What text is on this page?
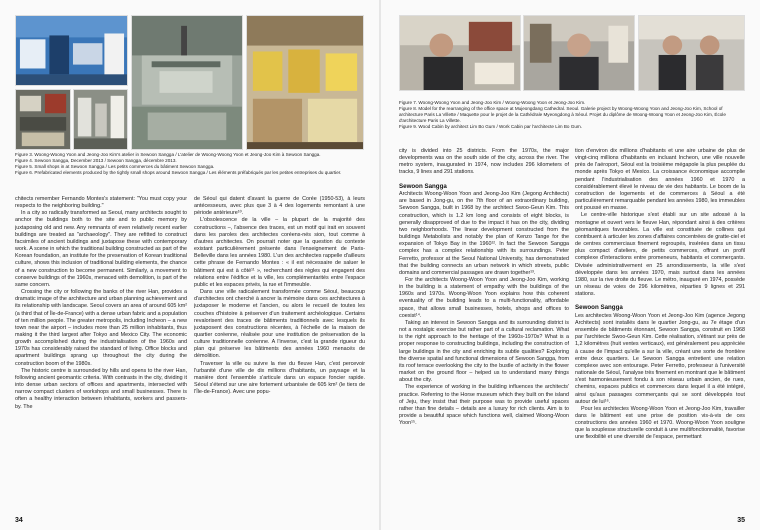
Figure 3. Woong-Woong Yoon and Jeong-Joo Kim's atelier in Sewoon Sangga / L'atelier de Woong-Woong Yoon et Jeong-Joo Kim à Sewoon Sangga.

Figure 4. Sewoon Sangga, December 2013 / Sewoon Sangga, décembre 2013.

Figure 5. Small shops in at Sewoon Sangga / Les petits commerces du bâtiment Sewoon Sangga.

Figure 6. Prefabricated elements produced by the tightly small shops around Sewoon Sangga / Les éléments préfabriqués par les petites entreprises du quartier.

chitects remember Fernando Montes's statement: "You must copy your respects to the neighboring building."

In a city so radically transformed as Seoul, many architects sought to anchor the buildings both to the site and to public memory by juxtaposing old and new. Any remnants of even relatively recent earlier buildings are treated as "archaeology". They are refitted to construct facsimiles of ancient buildings and juxtapose these with contemporary work. A scene in which the traditional building constructed as part of the Korean foundation, an institute for the preservation of Korean traditional culture, shows this inclusion of traditional building elements, the chance of a new construction to become permanent. Similarly, a movement to conserve buildings of the 1960s, menaced with demolition, is part of the same concern.

Crossing the city or following the banks of the river Han, provides a dramatic image of the architecture and urban planning achievement and its relationship with landscape. Seoul covers an area of around 605 km² (a third that of Île-de-France) with a dense urban fabric and a population of ten million people. The greater metropolis, including Incheon – a new town near the airport – includes more than 25 million inhabitants, thus making it the third largest after Tokyo and Mexico City. The economic growth accomplished during the industrialisation of the 1960s and 1970s has considerably raised the standard of living. Office blocks and apartment buildings sprang up throughout the city during the construction boom of the 1980s.

The historic centre is surrounded by hills and opens to the river Han, following ancient geomantic criteria. With contrasts in the city, dividing it into dense urban sectors of offices and apartments, intersected with narrow compact clusters of workshops and small businesses. There is often a healthy interaction between inhabitants, workers and passers-by. The

de Séoul qui datent d'avant la guerre de Corée (1950-53), à leurs antécesseurs, avec plus que 3 à 4 des logements remontant à une période antérieure¹⁰.

L'obsolescence de la ville – la plupart de la majorité des constructions –, l'absence des traces, est un motif qui irait en souvent dans les paroles des architectes coréens-nés sion, tout comme à d'autres architectes. On pourrait noter que la question du contexte existant particulièrement présente dans l'enseignement de Paris-Belleville dans les années 1980. L'un des architectes rappelle d'ailleurs cette phrase de Fernando Montes : « il est nécessaire de saluer le bâtiment qui est à côté¹¹ », recherchant des règles qui engagent des relations entre l'édifice et la ville, les complémentarités entre l'espace public et les espaces privés, la rue et l'immeuble.

Dans une ville radicalement transformée comme Séoul, beaucoup d'architectes ont cherché à ancrer la mémoire dans ces architectures à juxtaposer le moderne et l'ancien, ou alors le recueil de toutes les couches d'histoire à préserver d'un traitement archéologique. Certains revalorisent des traces de bâtiments traditionnels avec lesquels ils juxtaposent des constructions récentes, à l'échelle de la maison de quartier coréenne, réalisée pour une institution de préservation de la culture traditionnelle coréenne. A l'inverse, c'est la grande rigueur du plan qui préserve les bâtiments des années 1960 menacés de démolition.

Traverser la ville ou suivre la rive du fleuve Han, c'est percevoir l'urbanité d'une ville de dix millions d'habitants, un paysage et la manière dont l'ensemble s'articule dans un espace foncier rapide. Séoul s'étend sur une aire fortement urbanisée de 605 km² (le tiers de l'Île-de-France). Avec une popu-

34

Figure 7. Woong-Woong Yoon and Jeong-Joo Kim / Woong-Woong Yoon et Jeong-Joo Kim.

Figure 8. Model for the rearranging of the office space at Mujeongdang Cathedral. Seoul. Galerie project by Woong-Woong Yoon and Jeong-Joo Kim, School of architecture Paris La Villette / Maquette pour le projet de la Cathédrale Myeongdong à Séoul. Projet du diplôme de Woong-Woong Yoon et Jeong-Joo Kim, École d'architecture Paris La Villette.

Figure 9. Wood Cabin by architect Lim Bo Gum / Work Cabin par l'architecte Lim Bo Gum.

city is divided into 25 districts. From the 1970s, the major developments was on the south side of the city, across the river. The metro system, inaugurated in 1974, now includes 296 kilometers of tracks, 9 lines and 291 stations.

Sewoon Sangga

Architects Woong-Woon Yoon and Jeong-Joo Kim (Jegong Architects) are based in Jong-gu, on the 7th floor of an extraordinary building, Sewoon Sangga, built in 1968 by the architect Swoo-Geun Kim. This construction, which is 1.2 km long and consists of eight blocks, is generally disapproved of due to the impact it has on the city, dividing two neighborhoods. The linear development constructed from the buildings Metabolists and notably the plan of Kenzo Tange for the expansion of Tokyo Bay in the 1960¹². In fact the Sewoon Sangga complex has a complex relationship with its surroundings. Peter Ferretto, professor at the Seoul National University, has demonstrated that the building connects an urban network in which streets, public domains and commercial passages are drawn together¹³.

For the architects Woong-Woon Yoon and Jeong-Joo Kim, working in the building is a statement of empathy with the buildings of the 1960s and 1970s. Woong-Woon Yoon explains how this coherent eventuality of the building leads to a multi-functionality, affordable space, that allows small businesses, hotels, shops and offices to coexist¹⁴.

Taking an interest in Sewoon Sangga and its surrounding district is not a nostalgic exercise but rather part of a cultural reclamation. What is the right approach to the heritage of the 1960s-1970s? What is a proper response to constructing buildings, including the construction of large buildings in the city and enriching its subtle qualities? Exploring the diverse spatial and functional dimensions of Sewoon Sangga, from its roof terrace overlooking the city to the bustle of activity in the flower market on the ground floor – helped us to understand many things about the city.

The experience of working in the building influences the architects' practice. Referring to the Horse museum which they built on the island of Jeju, they insist that their purpose was to provide useful spaces rather than fine details – details are a luxury for rich clients. Aim is to provide a beautiful space which functions well, claimed Woong-Woon Yoon¹⁵.

tion d'environ dix millions d'habitants et une aire urbaine de plus de vingt-cinq millions d'habitants en incluant Incheon, une ville nouvelle près de l'aéroport, Séoul est la troisième mégapole la plus peuplée du monde après Tokyo et Mexico. La croissance économique accomplie pendant l'industrialisation des années 1960 et 1970 a considérablement élevé le niveau de vie des habitants. Le boom de la construction de logements et de commerces à Séoul a été particulièrement remarquable pendant les années 1980, les immeubles ont poussé en masse.

Le centre-ville historique s'est établi sur un site adossé à la montagne et ouvert vers le fleuve Han, répondant ainsi à des critères géomantiques favorables. La ville est constituée de collines qui contribuent à articuler les zones d'affaires concentrées de gratte-ciel et de centres commerciaux finement regroupés, insérées dans un tissu plus compact d'ateliers, de petits commerces, offrant un profil complexe d'interactions entre promeneurs, habitants et commerçants. Divisée administrativement en 25 arrondissements, la ville s'est développée dans les années 1970, mais surtout dans les années 1980, sur la rive droite du fleuve. Le métro, inauguré en 1974, possède un réseau de voies de 296 kilomètres, réparties 9 lignes et 291 stations.

Sewoon Sangga

Les architectes Woong-Woon Yoon et Jeong-Joo Kim (agence Jegong Architects) sont installés dans le quartier Jong-gu, au 7e étage d'un ensemble de bâtiments étonnant, Sewoon Sangga, construit en 1968 par l'architecte Swoo-Geun Kim. Cette réalisation, s'étirant sur près de 1,2 kilomètres (huit ventes verticaux), est généralement peu appréciée à cause de l'impact qu'elle a sur la ville, créant une sorte de frontière entre deux quartiers. Le Sewoon Sangga entretient une relation complexe avec son entourage. Peter Ferretto, professeur à l'université nationale de Séoul, l'analyse très finement en montrant que le bâtiment s'est harmonieusement fondu à son réseau urbain ancien, de rues, chemins, espaces publics et commerces dans lequel il a été intégré, ainsi qu'aux passages commerçants qui se sont développés tout autour de lui¹⁶.

Pour les architectes Woong-Woon Yoon et Jeong-Joo Kim, travailler dans le bâtiment est une prise de position vis-à-vis de ces constructions des années 1960 et 1970. Woong-Woon Yoon souligne que la souplesse structurelle conduit à une multifonctionnalité, favorise une flexibilité et une diversité de l'espace, permettant

35
